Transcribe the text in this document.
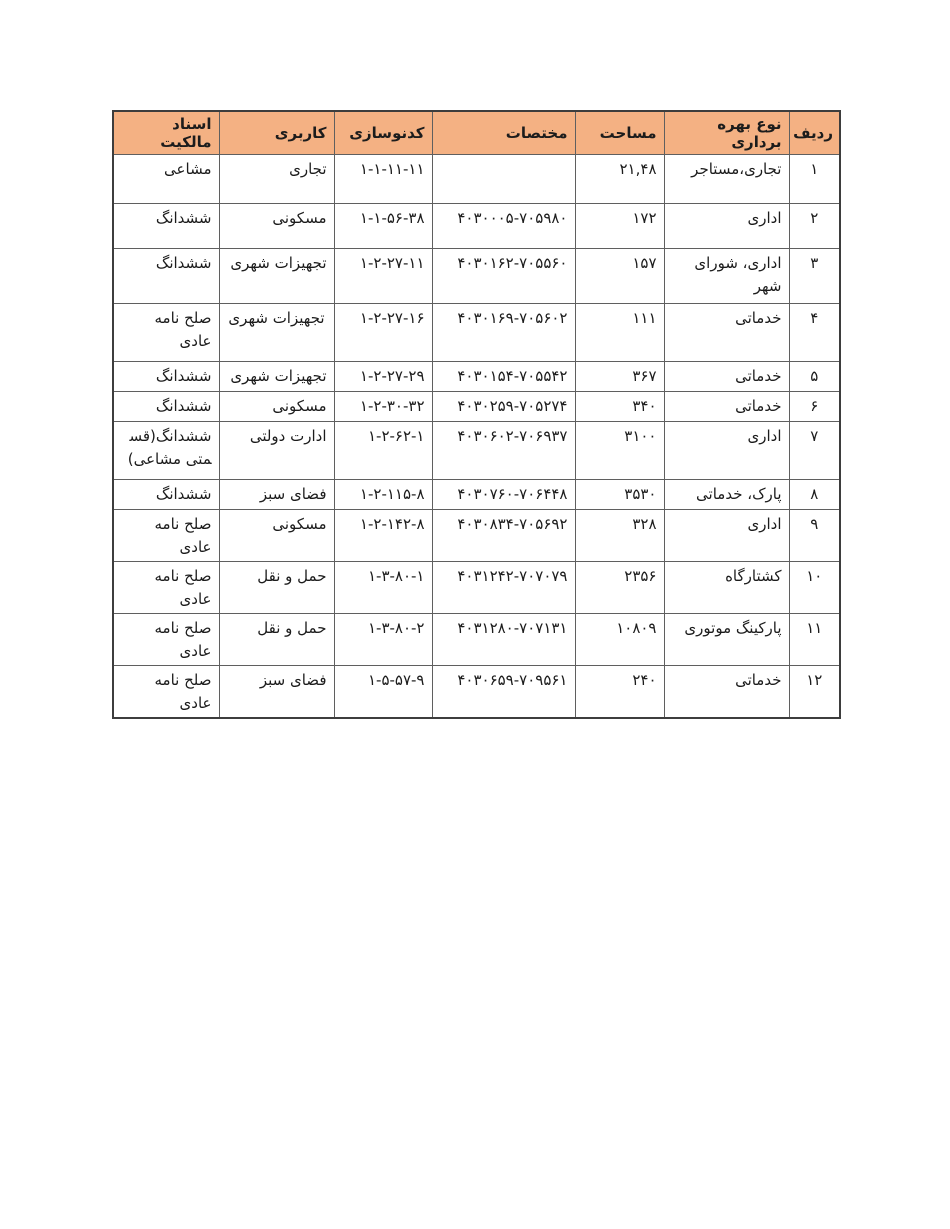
ردیف	نوع بهره برداری	مساحت	مختصات	کدنوسازی	کاربری	اسناد مالکیت
۱	تجاری،مستاجر	۲۱,۴۸		۱-۱-۱۱-۱۱	تجاری	مشاعی
۲	اداری	۱۷۲	۴۰۳۰۰۰۵-۷۰۵۹۸۰	۱-۱-۵۶-۳۸	مسکونی	ششدانگ
۳	اداری، شورای شهر	۱۵۷	۴۰۳۰۱۶۲-۷۰۵۵۶۰	۱-۲-۲۷-۱۱	تجهیزات شهری	ششدانگ
۴	خدماتی	۱۱۱	۴۰۳۰۱۶۹-۷۰۵۶۰۲	۱-۲-۲۷-۱۶	تجهیزات شهری	صلح نامه عادی
۵	خدماتی	۳۶۷	۴۰۳۰۱۵۴-۷۰۵۵۴۲	۱-۲-۲۷-۲۹	تجهیزات شهری	ششدانگ
۶	خدماتی	۳۴۰	۴۰۳۰۲۵۹-۷۰۵۲۷۴	۱-۲-۳۰-۳۲	مسکونی	ششدانگ
۷	اداری	۳۱۰۰	۴۰۳۰۶۰۲-۷۰۶۹۳۷	۱-۲-۶۲-۱	ادارت دولتی	ششدانگ(قسمتی مشاعی)
۸	پارک، خدماتی	۳۵۳۰	۴۰۳۰۷۶۰-۷۰۶۴۴۸	۱-۲-۱۱۵-۸	فضای سبز	ششدانگ
۹	اداری	۳۲۸	۴۰۳۰۸۳۴-۷۰۵۶۹۲	۱-۲-۱۴۲-۸	مسکونی	صلح نامه عادی
۱۰	کشتارگاه	۲۳۵۶	۴۰۳۱۲۴۲-۷۰۷۰۷۹	۱-۳-۸۰-۱	حمل و نقل	صلح نامه عادی
۱۱	پارکینگ موتوری	۱۰۸۰۹	۴۰۳۱۲۸۰-۷۰۷۱۳۱	۱-۳-۸۰-۲	حمل و نقل	صلح نامه عادی
۱۲	خدماتی	۲۴۰	۴۰۳۰۶۵۹-۷۰۹۵۶۱	۱-۵-۵۷-۹	فضای سبز	صلح نامه عادی
